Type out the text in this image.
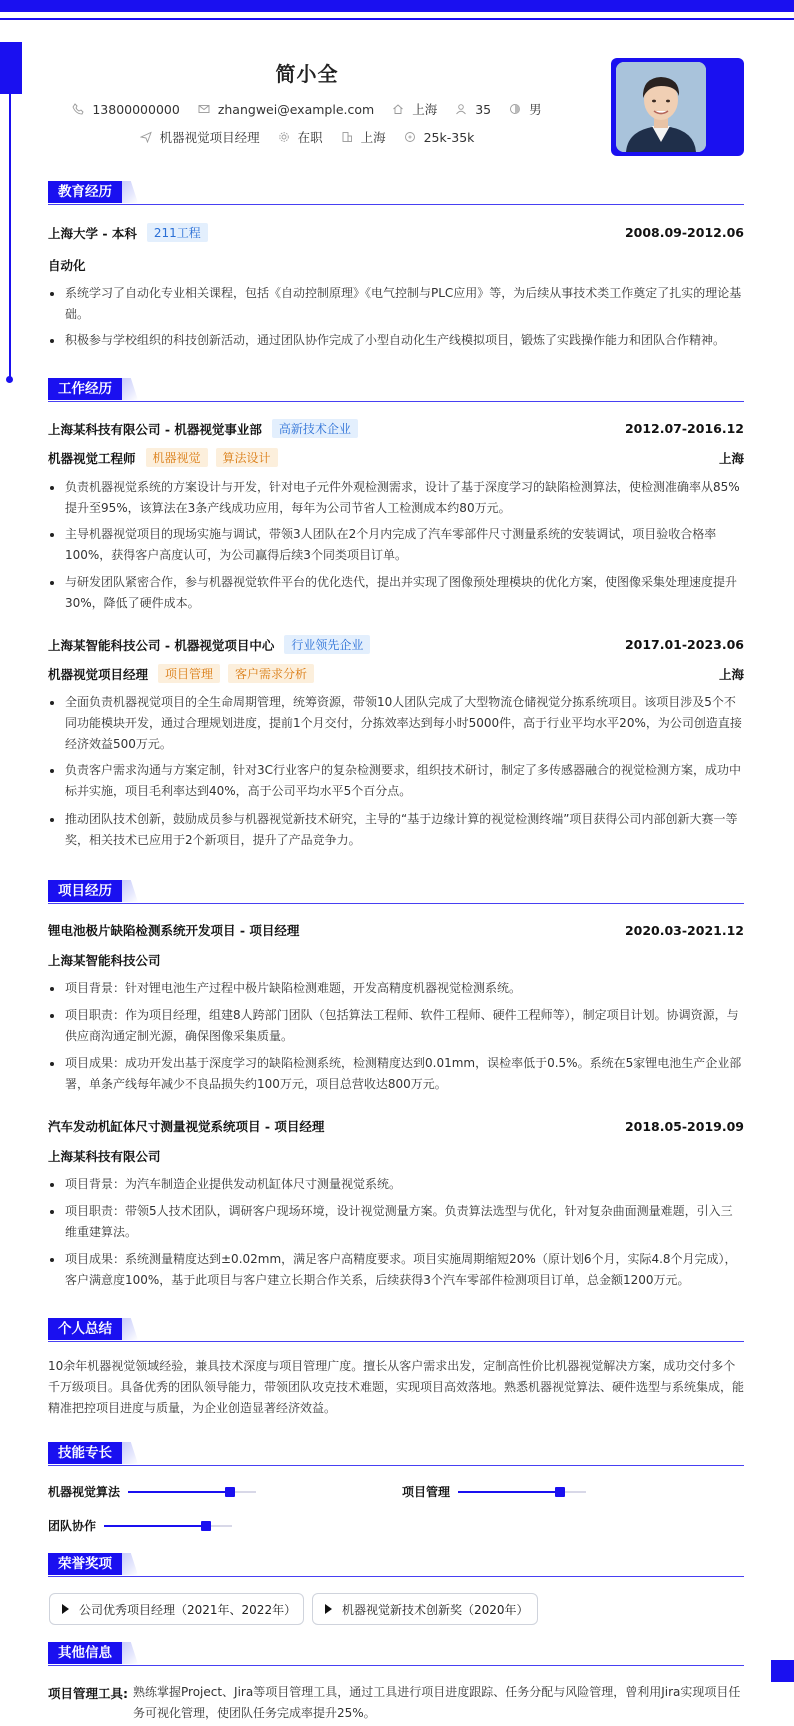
简小全
13800000000	zhangwei@example.com	上海	35	男
机器视觉项目经理	在职	上海	25k-35k
教育经历
上海大学 - 本科	211工程	2008.09-2012.06
自动化
系统学习了自动化专业相关课程，包括《自动控制原理》《电气控制与PLC应用》等，为后续从事技术类工作奠定了扎实的理论基础。
积极参与学校组织的科技创新活动，通过团队协作完成了小型自动化生产线模拟项目，锻炼了实践操作能力和团队合作精神。
工作经历
上海某科技有限公司 - 机器视觉事业部	高新技术企业	2012.07-2016.12
机器视觉工程师	机器视觉	算法设计	上海
负责机器视觉系统的方案设计与开发，针对电子元件外观检测需求，设计了基于深度学习的缺陷检测算法，使检测准确率从85%提升至95%，该算法在3条产线成功应用，每年为公司节省人工检测成本约80万元。
主导机器视觉项目的现场实施与调试，带领3人团队在2个月内完成了汽车零部件尺寸测量系统的安装调试，项目验收合格率100%，获得客户高度认可，为公司赢得后续3个同类项目订单。
与研发团队紧密合作，参与机器视觉软件平台的优化迭代，提出并实现了图像预处理模块的优化方案，使图像采集处理速度提升30%，降低了硬件成本。
上海某智能科技公司 - 机器视觉项目中心	行业领先企业	2017.01-2023.06
机器视觉项目经理	项目管理	客户需求分析	上海
全面负责机器视觉项目的全生命周期管理，统筹资源，带领10人团队完成了大型物流仓储视觉分拣系统项目。该项目涉及5个不同功能模块开发，通过合理规划进度，提前1个月交付，分拣效率达到每小时5000件，高于行业平均水平20%，为公司创造直接经济效益500万元。
负责客户需求沟通与方案定制，针对3C行业客户的复杂检测要求，组织技术研讨，制定了多传感器融合的视觉检测方案，成功中标并实施，项目毛利率达到40%，高于公司平均水平5个百分点。
推动团队技术创新，鼓励成员参与机器视觉新技术研究，主导的“基于边缘计算的视觉检测终端”项目获得公司内部创新大赛一等奖，相关技术已应用于2个新项目，提升了产品竞争力。
项目经历
锂电池极片缺陷检测系统开发项目 - 项目经理	2020.03-2021.12
上海某智能科技公司
项目背景：针对锂电池生产过程中极片缺陷检测难题，开发高精度机器视觉检测系统。
项目职责：作为项目经理，组建8人跨部门团队（包括算法工程师、软件工程师、硬件工程师等），制定项目计划。协调资源，与供应商沟通定制光源，确保图像采集质量。
项目成果：成功开发出基于深度学习的缺陷检测系统，检测精度达到0.01mm，误检率低于0.5%。系统在5家锂电池生产企业部署，单条产线每年减少不良品损失约100万元，项目总营收达800万元。
汽车发动机缸体尺寸测量视觉系统项目 - 项目经理	2018.05-2019.09
上海某科技有限公司
项目背景：为汽车制造企业提供发动机缸体尺寸测量视觉系统。
项目职责：带领5人技术团队，调研客户现场环境，设计视觉测量方案。负责算法选型与优化，针对复杂曲面测量难题，引入三维重建算法。
项目成果：系统测量精度达到±0.02mm，满足客户高精度要求。项目实施周期缩短20%（原计划6个月，实际4.8个月完成），客户满意度100%，基于此项目与客户建立长期合作关系，后续获得3个汽车零部件检测项目订单，总金额1200万元。
个人总结
10余年机器视觉领域经验，兼具技术深度与项目管理广度。擅长从客户需求出发，定制高性价比机器视觉解决方案，成功交付多个千万级项目。具备优秀的团队领导能力，带领团队攻克技术难题，实现项目高效落地。熟悉机器视觉算法、硬件选型与系统集成，能精准把控项目进度与质量，为企业创造显著经济效益。
技能专长
机器视觉算法	项目管理
团队协作
荣誉奖项
公司优秀项目经理（2021年、2022年）	机器视觉新技术创新奖（2020年）
其他信息
项目管理工具: 熟练掌握Project、Jira等项目管理工具，通过工具进行项目进度跟踪、任务分配与风险管理，曾利用Jira实现项目任务可视化管理，使团队任务完成率提升25%。
